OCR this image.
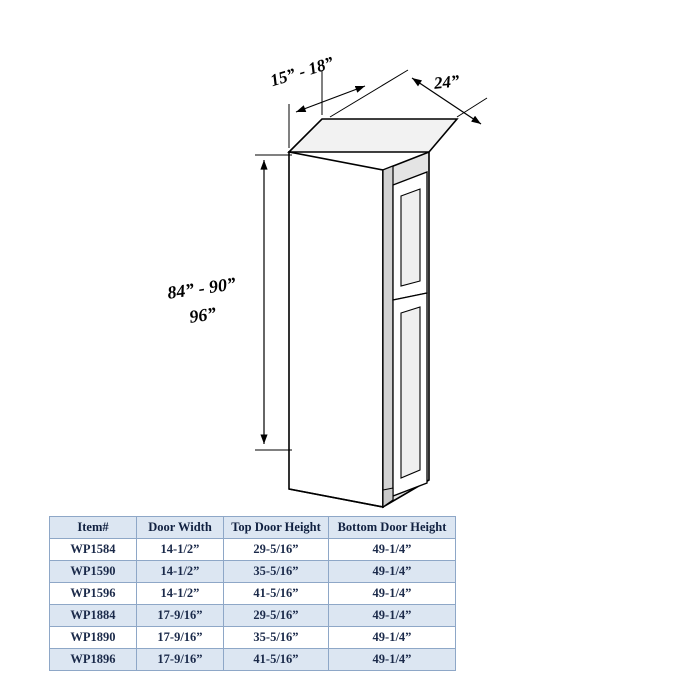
15” - 18”	24”
84” - 90”
96”
Item#	Door Width	Top Door Height	Bottom Door Height
WP1584	14-1/2”	29-5/16”	49-1/4”
WP1590	14-1/2”	35-5/16”	49-1/4”
WP1596	14-1/2”	41-5/16”	49-1/4”
WP1884	17-9/16”	29-5/16”	49-1/4”
WP1890	17-9/16”	35-5/16”	49-1/4”
WP1896	17-9/16”	41-5/16”	49-1/4”
